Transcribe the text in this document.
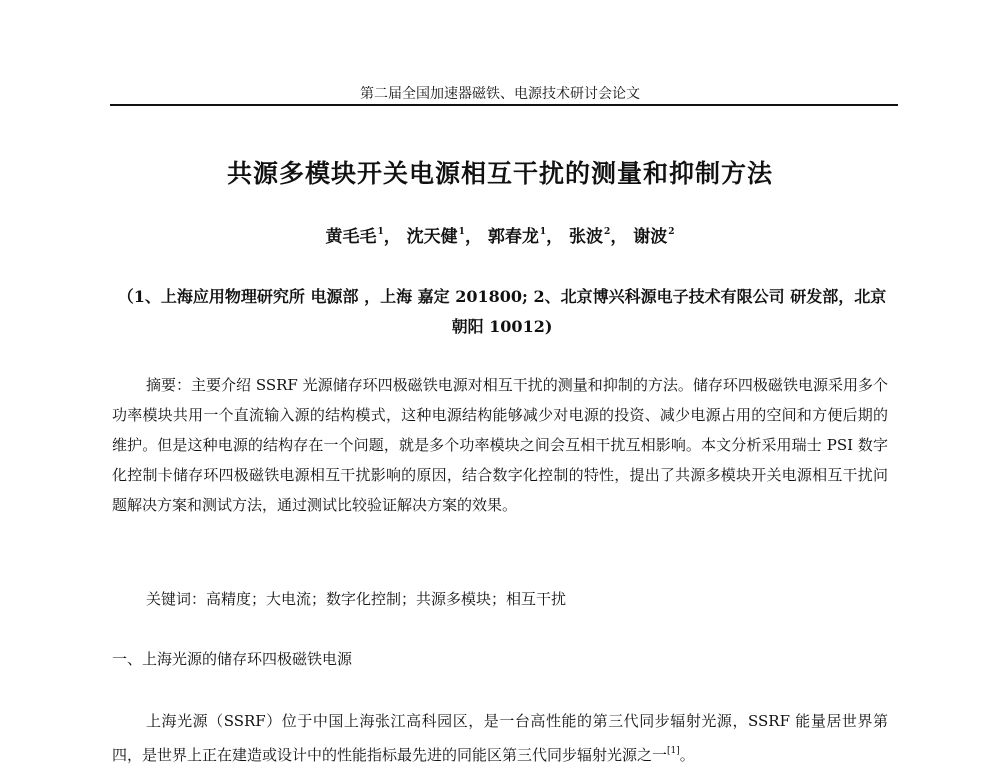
第二届全国加速器磁铁、电源技术研讨会论文
共源多模块开关电源相互干扰的测量和抑制方法
黄毛毛$^1$， 沈天健$^1$， 郭春龙$^1$， 张波$^2$， 谢波$^2$
（1、上海应用物理研究所 电源部 ，上海 嘉定 201800; 2、北京博兴科源电子技术有限公司 研发部，北京 朝阳 10012)
摘要：主要介绍 SSRF 光源储存环四极磁铁电源对相互干扰的测量和抑制的方法。储存环四极磁铁电源采用多个功率模块共用一个直流输入源的结构模式，这种电源结构能够减少对电源的投资、减少电源占用的空间和方便后期的维护。但是这种电源的结构存在一个问题，就是多个功率模块之间会互相干扰互相影响。本文分析采用瑞士 PSI 数字化控制卡储存环四极磁铁电源相互干扰影响的原因，结合数字化控制的特性，提出了共源多模块开关电源相互干扰问题解决方案和测试方法，通过测试比较验证解决方案的效果。
关键词：高精度；大电流；数字化控制；共源多模块；相互干扰
一、上海光源的储存环四极磁铁电源
上海光源（SSRF）位于中国上海张江高科园区，是一台高性能的第三代同步辐射光源，SSRF 能量居世界第四，是世界上正在建造或设计中的性能指标最先进的同能区第三代同步辐射光源之一[1]。
